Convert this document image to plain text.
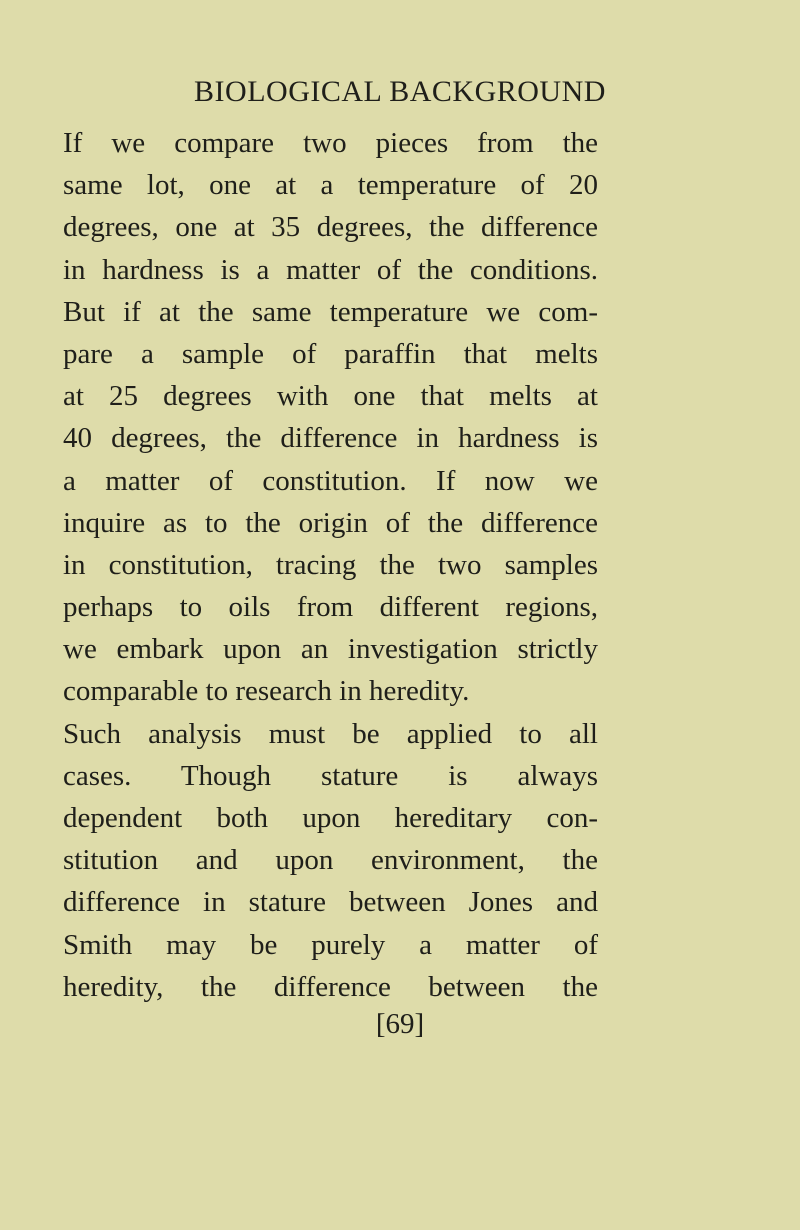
BIOLOGICAL BACKGROUND
If we compare two pieces from the
same lot, one at a temperature of 20
degrees, one at 35 degrees, the difference
in hardness is a matter of the conditions.
But if at the same temperature we com-
pare a sample of paraffin that melts
at 25 degrees with one that melts at
40 degrees, the difference in hardness is
a matter of constitution. If now we
inquire as to the origin of the difference
in constitution, tracing the two samples
perhaps to oils from different regions,
we embark upon an investigation strictly
comparable to research in heredity.
Such analysis must be applied to all
cases. Though stature is always
dependent both upon hereditary con-
stitution and upon environment, the
difference in stature between Jones and
Smith may be purely a matter of
heredity, the difference between the
[69]
